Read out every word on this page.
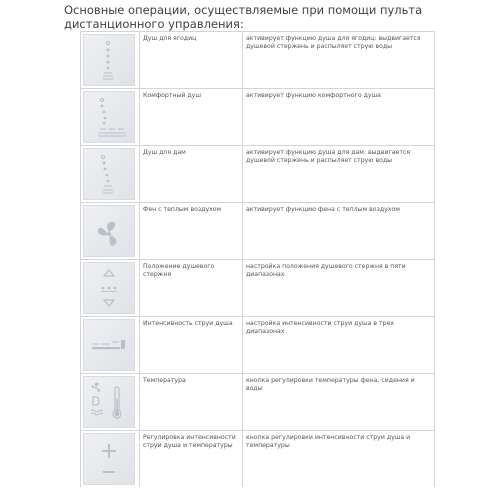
Основные операции, осуществляемые при помощи пульта дистанционного управления:

Душ для ягодиц	активирует функцию душа для ягодиц: выдвигается душевой стержень и распыляет струю воды

Комфортный душ	активирует функцию комфортного душа

Душ для дам	активирует функцию душа для дам: выдвигается душевой стержень и распыляет струю воды

Фен с теплым воздухом	активирует функцию фена с теплым воздухом

Положение душевого стержня	настройка положения душевого стержня в пяти диапазонах

Интенсивность струи душа	настройка интенсивности струи душа в трех диапазонах

Температура	кнопка регулировки температуры фена, сидения и воды

Регулировка интенсивности струи душа и температуры	кнопка регулировки интенсивности струи душа и температуры
